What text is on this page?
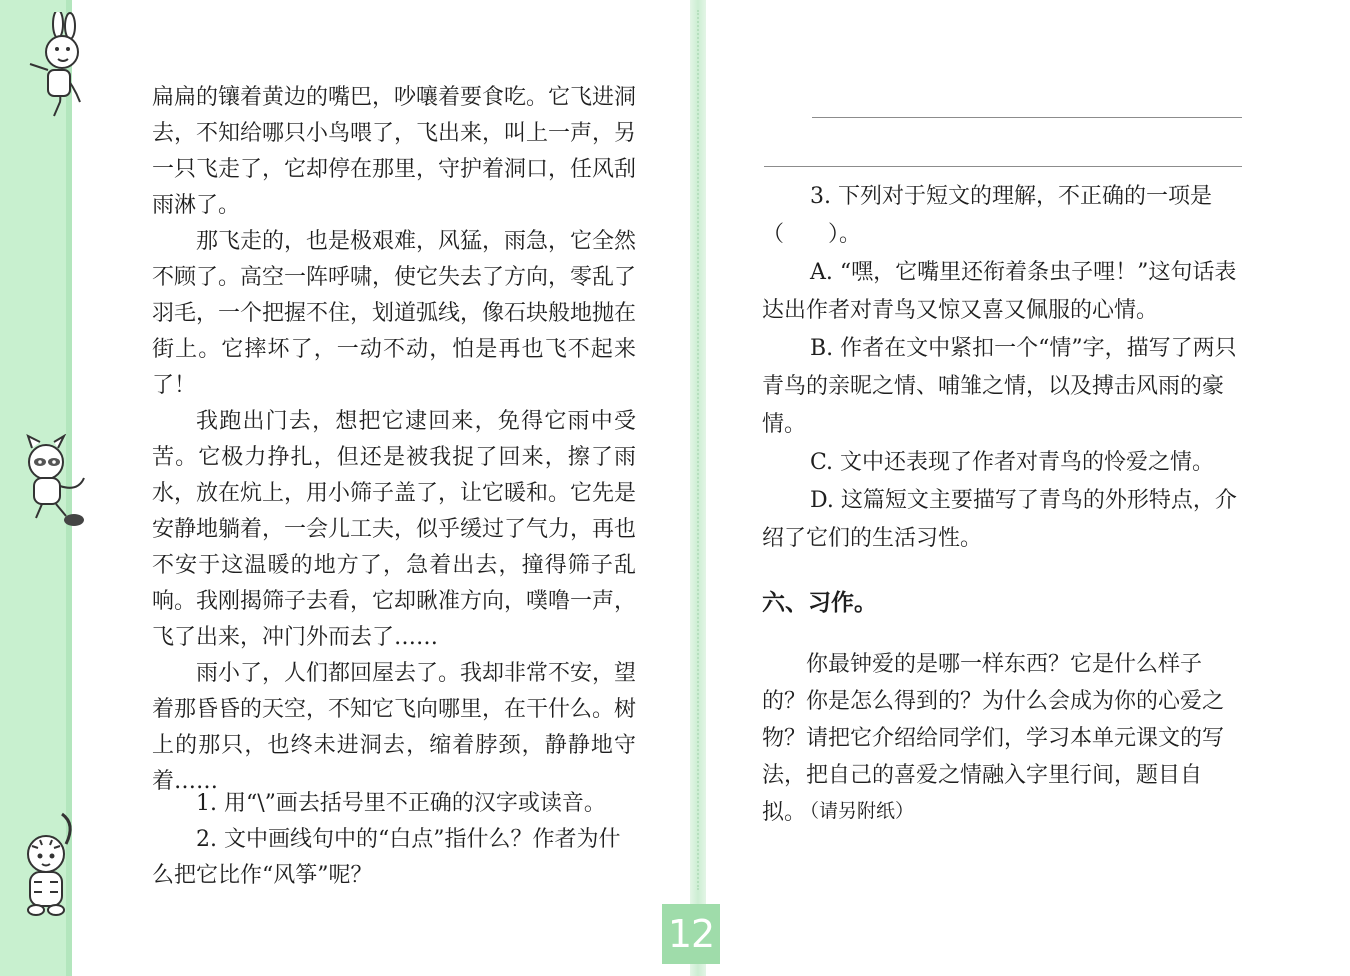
扁扁的镶着黄边的嘴巴，吵嚷着要食吃。它飞进洞去，不知给哪只小鸟喂了，飞出来，叫上一声，另一只飞走了，它却停在那里，守护着洞口，任风刮雨淋了。

那飞走的，也是极艰难，风猛，雨急，它全然不顾了。高空一阵呼啸，使它失去了方向，零乱了羽毛，一个把握不住，划道弧线，像石块般地抛在街上。它摔坏了，一动不动，怕是再也飞不起来了！

我跑出门去，想把它逮回来，免得它雨中受苦。它极力挣扎，但还是被我捉了回来，擦了雨水，放在炕上，用小筛子盖了，让它暖和。它先是安静地躺着，一会儿工夫，似乎缓过了气力，再也不安于这温暖的地方了，急着出去，撞得筛子乱响。我刚揭筛子去看，它却瞅准方向，噗噜一声，飞了出来，冲门外而去了……

雨小了，人们都回屋去了。我却非常不安，望着那昏昏的天空，不知它飞向哪里，在干什么。树上的那只，也终未进洞去，缩着脖颈，静静地守着……

1. 用“\”画去括号里不正确的汉字或读音。

2. 文中画线句中的“白点”指什么？作者为什么把它比作“风筝”呢？

3. 下列对于短文的理解，不正确的一项是（　　）。

A. “嘿，它嘴里还衔着条虫子哩！”这句话表达出作者对青鸟又惊又喜又佩服的心情。

B. 作者在文中紧扣一个“情”字，描写了两只青鸟的亲昵之情、哺雏之情，以及搏击风雨的豪情。

C. 文中还表现了作者对青鸟的怜爱之情。

D. 这篇短文主要描写了青鸟的外形特点，介绍了它们的生活习性。

六、习作。

你最钟爱的是哪一样东西？它是什么样子的？你是怎么得到的？为什么会成为你的心爱之物？请把它介绍给同学们，学习本单元课文的写法，把自己的喜爱之情融入字里行间，题目自拟。

（请另附纸）
12
